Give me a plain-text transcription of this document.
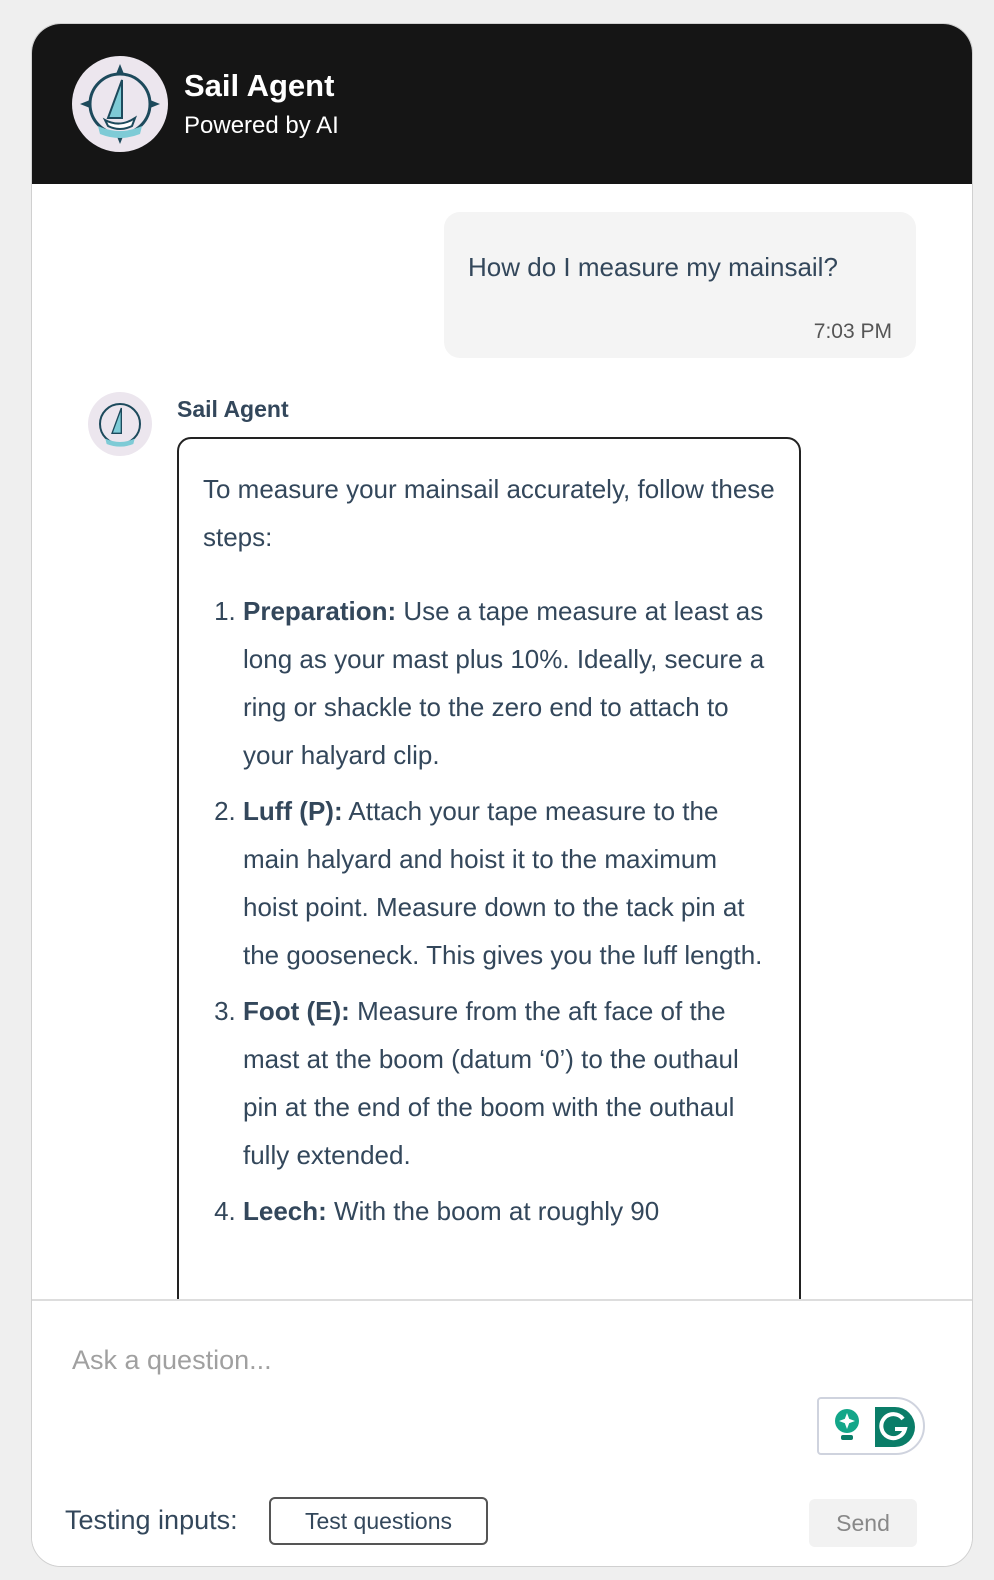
Sail Agent
Powered by AI
How do I measure my mainsail?
7:03 PM
Sail Agent
To measure your mainsail accurately, follow these steps:
1. Preparation: Use a tape measure at least as long as your mast plus 10%. Ideally, secure a ring or shackle to the zero end to attach to your halyard clip.
2. Luff (P): Attach your tape measure to the main halyard and hoist it to the maximum hoist point. Measure down to the tack pin at the gooseneck. This gives you the luff length.
3. Foot (E): Measure from the aft face of the mast at the boom (datum ‘0’) to the outhaul pin at the end of the boom with the outhaul fully extended.
4. Leech: With the boom at roughly 90
Ask a question...
Testing inputs:	Test questions	Send
